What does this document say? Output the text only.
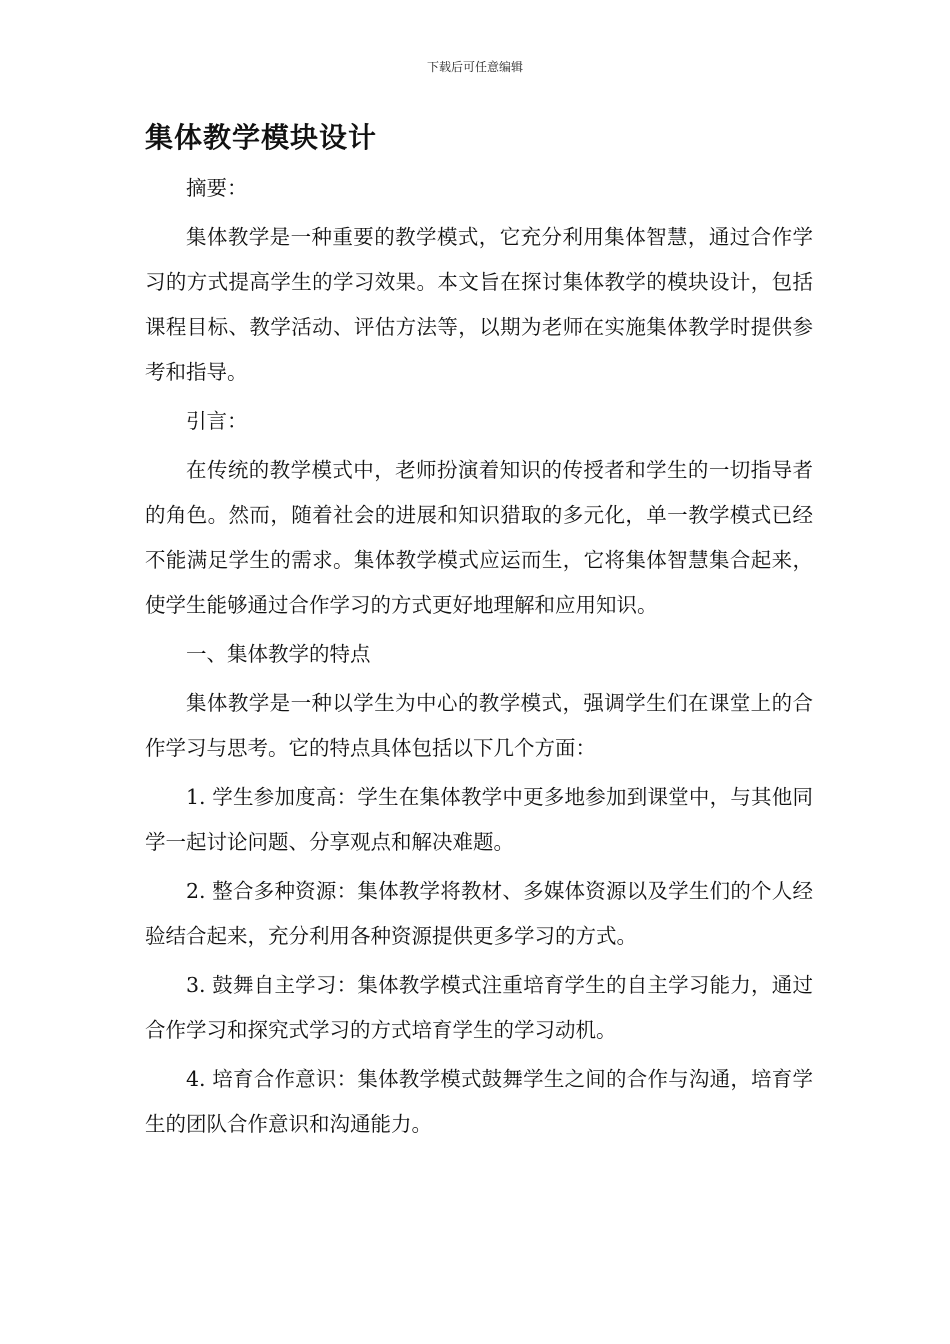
下载后可任意编辑
集体教学模块设计

摘要：

集体教学是一种重要的教学模式，它充分利用集体智慧，通过合作学习的方式提高学生的学习效果。本文旨在探讨集体教学的模块设计，包括课程目标、教学活动、评估方法等，以期为老师在实施集体教学时提供参考和指导。

引言：

在传统的教学模式中，老师扮演着知识的传授者和学生的一切指导者的角色。然而，随着社会的进展和知识猎取的多元化，单一教学模式已经不能满足学生的需求。集体教学模式应运而生，它将集体智慧集合起来，使学生能够通过合作学习的方式更好地理解和应用知识。

一、集体教学的特点

集体教学是一种以学生为中心的教学模式，强调学生们在课堂上的合作学习与思考。它的特点具体包括以下几个方面：

1. 学生参加度高：学生在集体教学中更多地参加到课堂中，与其他同学一起讨论问题、分享观点和解决难题。

2. 整合多种资源：集体教学将教材、多媒体资源以及学生们的个人经验结合起来，充分利用各种资源提供更多学习的方式。

3. 鼓舞自主学习：集体教学模式注重培育学生的自主学习能力，通过合作学习和探究式学习的方式培育学生的学习动机。

4. 培育合作意识：集体教学模式鼓舞学生之间的合作与沟通，培育学生的团队合作意识和沟通能力。
